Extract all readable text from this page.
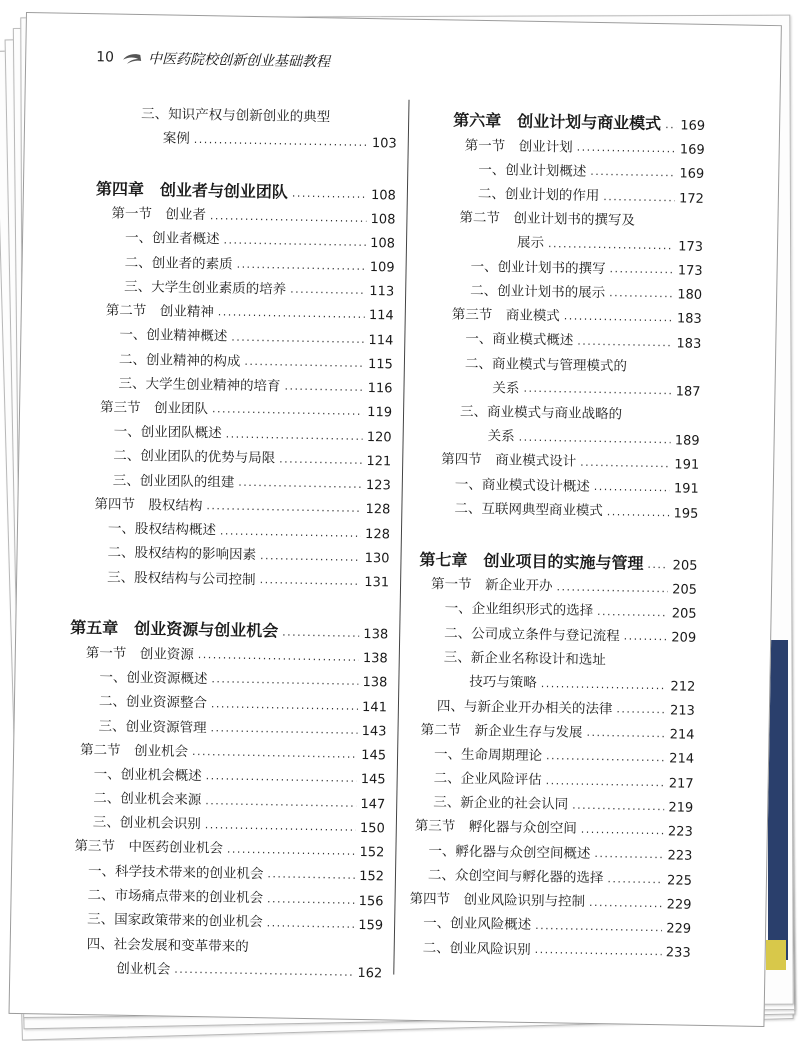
10 中医药院校创新创业基础教程
三、知识产权与创新创业的典型
案例 .....	103
第四章　创业者与创业团队 .....	108
第一节　创业者 .....	108
一、创业者概述 .....	108
二、创业者的素质 .....	109
三、大学生创业素质的培养 .....	113
第二节　创业精神 .....	114
一、创业精神概述 .....	114
二、创业精神的构成 .....	115
三、大学生创业精神的培育 .....	116
第三节　创业团队 .....	119
一、创业团队概述 .....	120
二、创业团队的优势与局限 .....	121
三、创业团队的组建 .....	123
第四节　股权结构 .....	128
一、股权结构概述 .....	128
二、股权结构的影响因素 .....	130
三、股权结构与公司控制 .....	131
第五章　创业资源与创业机会 .....	138
第一节　创业资源 .....	138
一、创业资源概述 .....	138
二、创业资源整合 .....	141
三、创业资源管理 .....	143
第二节　创业机会 .....	145
一、创业机会概述 .....	145
二、创业机会来源 .....	147
三、创业机会识别 .....	150
第三节　中医药创业机会 .....	152
一、科学技术带来的创业机会 .....	152
二、市场痛点带来的创业机会 .....	156
三、国家政策带来的创业机会 .....	159
四、社会发展和变革带来的
创业机会 .....	162
第六章　创业计划与商业模式 ..... 169
第一节　创业计划 .....	169
一、创业计划概述 .....	169
二、创业计划的作用 .....	172
第二节　创业计划书的撰写及
展示 .....	173
一、创业计划书的撰写 .....	173
二、创业计划书的展示 .....	180
第三节　商业模式 .....	183
一、商业模式概述 .....	183
二、商业模式与管理模式的
关系 .....	187
三、商业模式与商业战略的
关系 .....	189
第四节　商业模式设计 .....	191
一、商业模式设计概述 .....	191
二、互联网典型商业模式 .....	195
第七章　创业项目的实施与管理 ..... 205
第一节　新企业开办 .....	205
一、企业组织形式的选择 .....	205
二、公司成立条件与登记流程 .....	209
三、新企业名称设计和选址
技巧与策略 .....	212
四、与新企业开办相关的法律 .....	213
第二节　新企业生存与发展 .....	214
一、生命周期理论 .....	214
二、企业风险评估 .....	217
三、新企业的社会认同 .....	219
第三节　孵化器与众创空间 .....	223
一、孵化器与众创空间概述 .....	223
二、众创空间与孵化器的选择 .....	225
第四节　创业风险识别与控制 .....	229
一、创业风险概述 .....	229
二、创业风险识别 .....	233
